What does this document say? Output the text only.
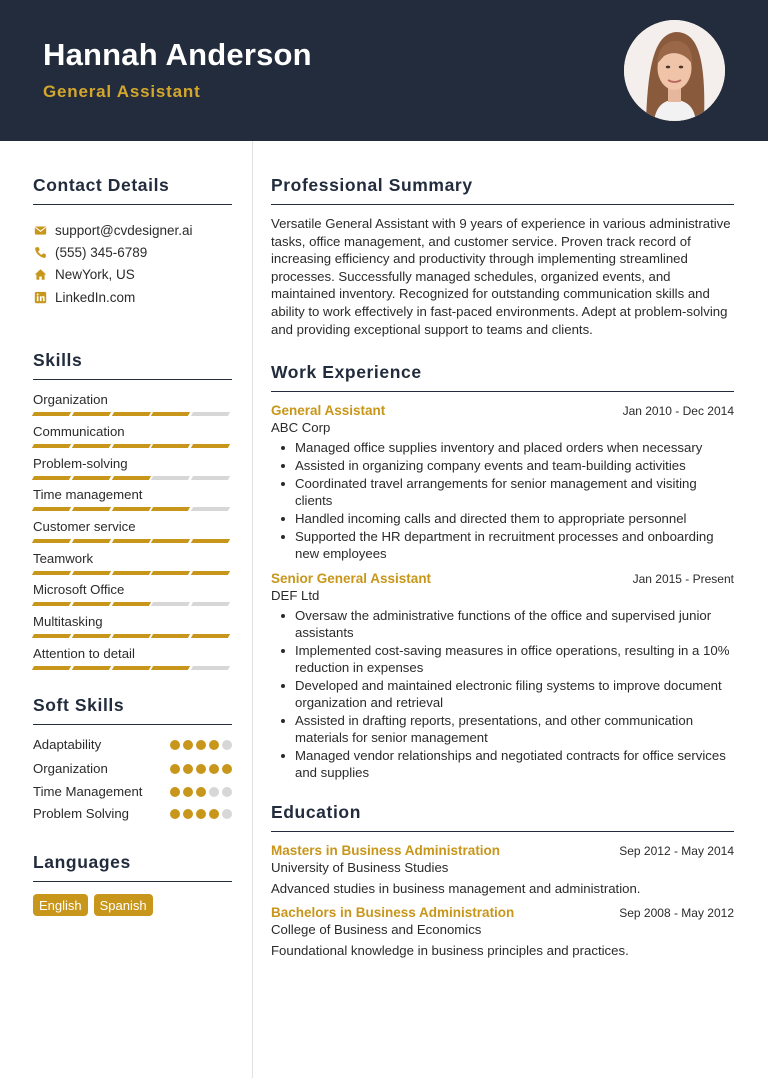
Hannah Anderson
General Assistant
Contact Details
support@cvdesigner.ai
(555) 345-6789
NewYork, US
LinkedIn.com
Skills
Organization
Communication
Problem-solving
Time management
Customer service
Teamwork
Microsoft Office
Multitasking
Attention to detail
Soft Skills
Adaptability
Organization
Time Management
Problem Solving
Languages
English	Spanish
Professional Summary
Versatile General Assistant with 9 years of experience in various administrative tasks, office management, and customer service. Proven track record of increasing efficiency and productivity through implementing streamlined processes. Successfully managed schedules, organized events, and maintained inventory. Recognized for outstanding communication skills and ability to work effectively in fast-paced environments. Adept at problem-solving and providing exceptional support to teams and clients.
Work Experience
General Assistant	Jan 2010 - Dec 2014
ABC Corp
Managed office supplies inventory and placed orders when necessary
Assisted in organizing company events and team-building activities
Coordinated travel arrangements for senior management and visiting clients
Handled incoming calls and directed them to appropriate personnel
Supported the HR department in recruitment processes and onboarding new employees
Senior General Assistant	Jan 2015 - Present
DEF Ltd
Oversaw the administrative functions of the office and supervised junior assistants
Implemented cost-saving measures in office operations, resulting in a 10% reduction in expenses
Developed and maintained electronic filing systems to improve document organization and retrieval
Assisted in drafting reports, presentations, and other communication materials for senior management
Managed vendor relationships and negotiated contracts for office services and supplies
Education
Masters in Business Administration	Sep 2012 - May 2014
University of Business Studies
Advanced studies in business management and administration.
Bachelors in Business Administration	Sep 2008 - May 2012
College of Business and Economics
Foundational knowledge in business principles and practices.
